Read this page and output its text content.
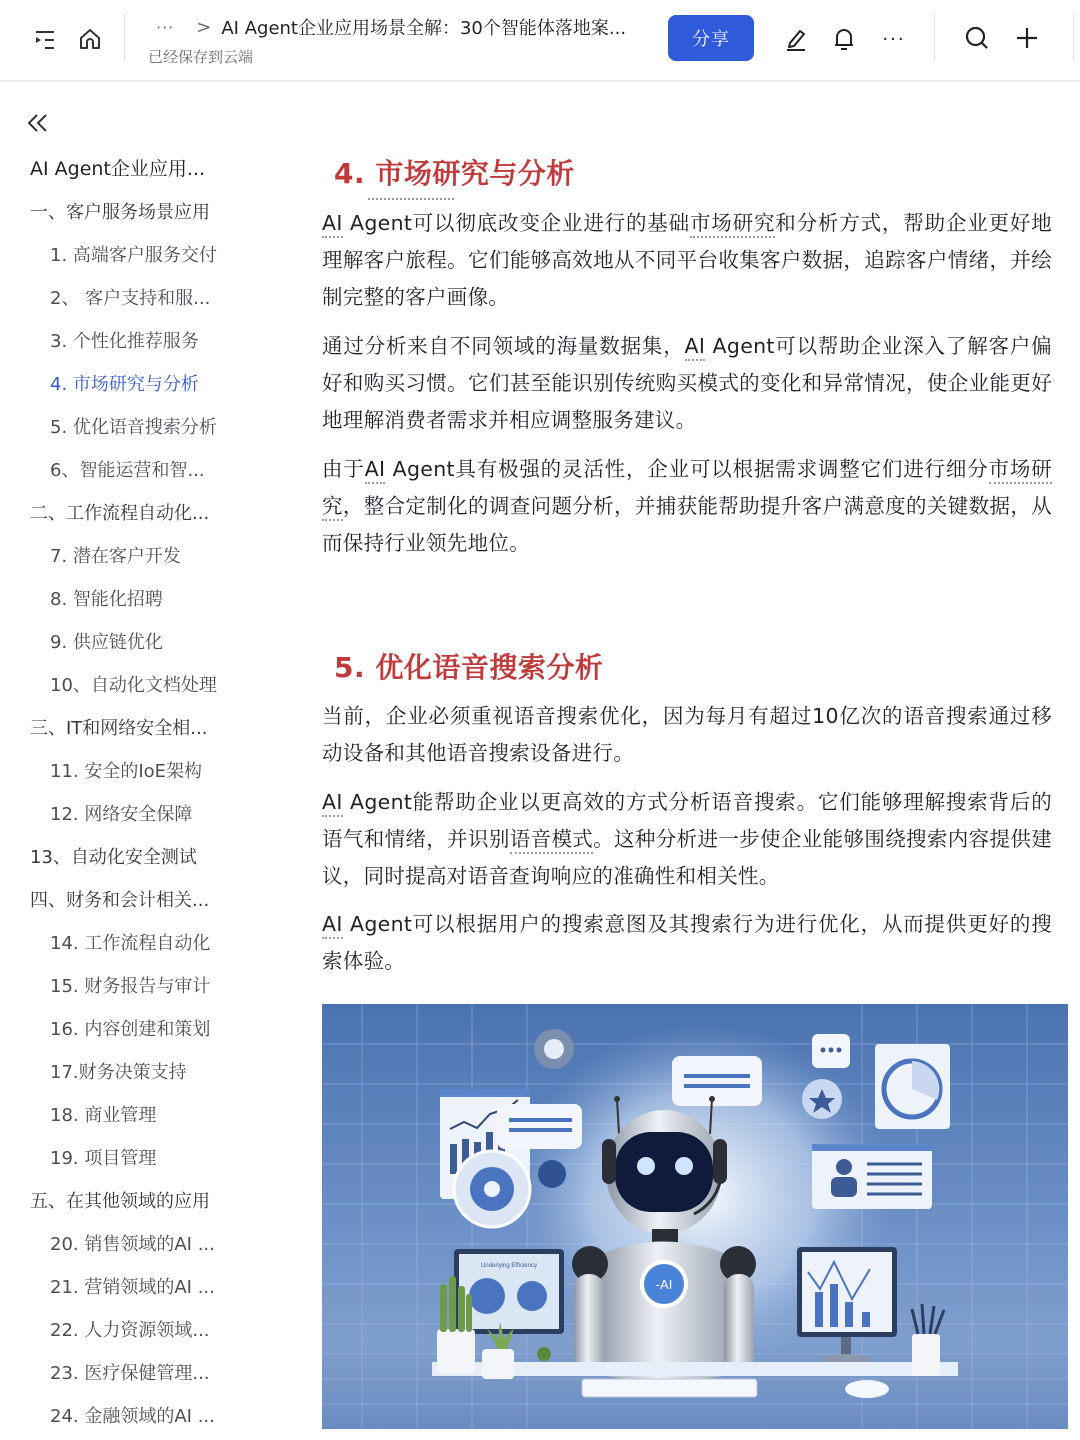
··· > AI Agent企业应用场景全解：30个智能体落地案...
已经保存到云端
分享	···
AI Agent企业应用...
一、客户服务场景应用
1. 高端客户服务交付
2、 客户支持和服...
3. 个性化推荐服务
4. 市场研究与分析
5. 优化语音搜索分析
6、智能运营和智...
二、工作流程自动化...
7. 潜在客户开发
8. 智能化招聘
9. 供应链优化
10、自动化文档处理
三、IT和网络安全相...
11. 安全的IoE架构
12. 网络安全保障
13、自动化安全测试
四、财务和会计相关...
14. 工作流程自动化
15. 财务报告与审计
16. 内容创建和策划
17.财务决策支持
18. 商业管理
19. 项目管理
五、在其他领域的应用
20. 销售领域的AI ...
21. 营销领域的AI ...
22. 人力资源领域...
23. 医疗保健管理...
24. 金融领域的AI ...
4. 市场研究与分析

AI Agent可以彻底改变企业进行的基础市场研究和分析方式，帮助企业更好地理解客户旅程。它们能够高效地从不同平台收集客户数据，追踪客户情绪，并绘制完整的客户画像。

通过分析来自不同领域的海量数据集，AI Agent可以帮助企业深入了解客户偏好和购买习惯。它们甚至能识别传统购买模式的变化和异常情况，使企业能更好地理解消费者需求并相应调整服务建议。

由于AI Agent具有极强的灵活性，企业可以根据需求调整它们进行细分市场研究，整合定制化的调查问题分析，并捕获能帮助提升客户满意度的关键数据，从而保持行业领先地位。

5. 优化语音搜索分析

当前，企业必须重视语音搜索优化，因为每月有超过10亿次的语音搜索通过移动设备和其他语音搜索设备进行。

AI Agent能帮助企业以更高效的方式分析语音搜索。它们能够理解搜索背后的语气和情绪，并识别语音模式。这种分析进一步使企业能够围绕搜索内容提供建议，同时提高对语音查询响应的准确性和相关性。

AI Agent可以根据用户的搜索意图及其搜索行为进行优化，从而提供更好的搜索体验。

Underlying Efficiency
-AI
